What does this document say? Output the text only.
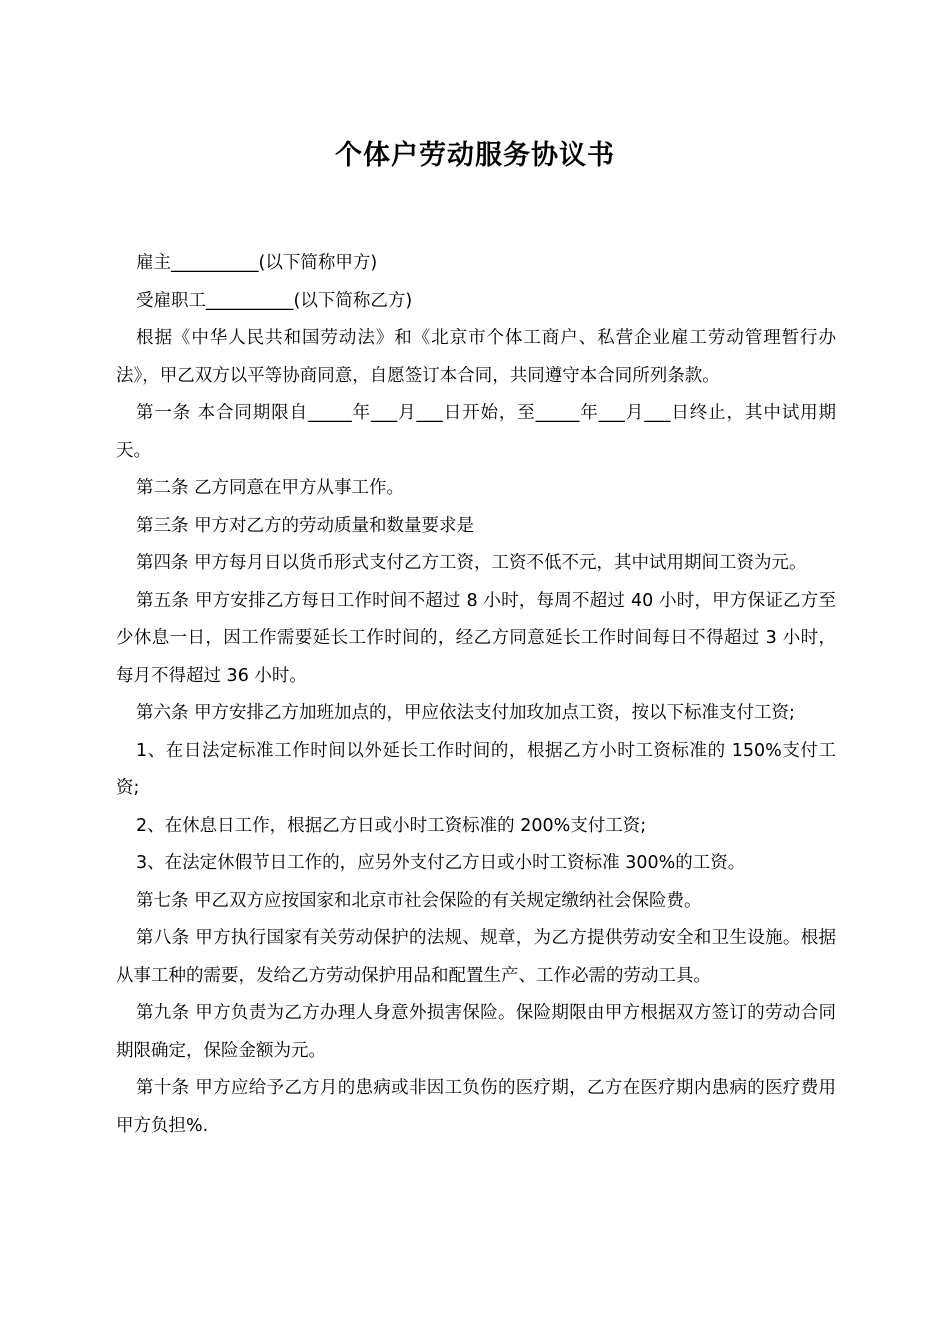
个体户劳动服务协议书

雇主__________(以下简称甲方)

受雇职工__________(以下简称乙方)

根据《中华人民共和国劳动法》和《北京市个体工商户、私营企业雇工劳动管理暂行办法》，甲乙双方以平等协商同意，自愿签订本合同，共同遵守本合同所列条款。

第一条 本合同期限自_____年___月___日开始，至_____年___月___日终止，其中试用期天。

第二条 乙方同意在甲方从事工作。

第三条 甲方对乙方的劳动质量和数量要求是

第四条 甲方每月日以货币形式支付乙方工资，工资不低不元，其中试用期间工资为元。

第五条 甲方安排乙方每日工作时间不超过 8 小时，每周不超过 40 小时，甲方保证乙方至少休息一日，因工作需要延长工作时间的，经乙方同意延长工作时间每日不得超过 3 小时，每月不得超过 36 小时。

第六条 甲方安排乙方加班加点的，甲应依法支付加玫加点工资，按以下标准支付工资;

1、在日法定标准工作时间以外延长工作时间的，根据乙方小时工资标准的 150%支付工资;

2、在休息日工作，根据乙方日或小时工资标准的 200%支付工资;

3、在法定休假节日工作的，应另外支付乙方日或小时工资标准 300%的工资。

第七条 甲乙双方应按国家和北京市社会保险的有关规定缴纳社会保险费。

第八条 甲方执行国家有关劳动保护的法规、规章，为乙方提供劳动安全和卫生设施。根据从事工种的需要，发给乙方劳动保护用品和配置生产、工作必需的劳动工具。

第九条 甲方负责为乙方办理人身意外损害保险。保险期限由甲方根据双方签订的劳动合同期限确定，保险金额为元。

第十条 甲方应给予乙方月的患病或非因工负伤的医疗期，乙方在医疗期内患病的医疗费用甲方负担%.
